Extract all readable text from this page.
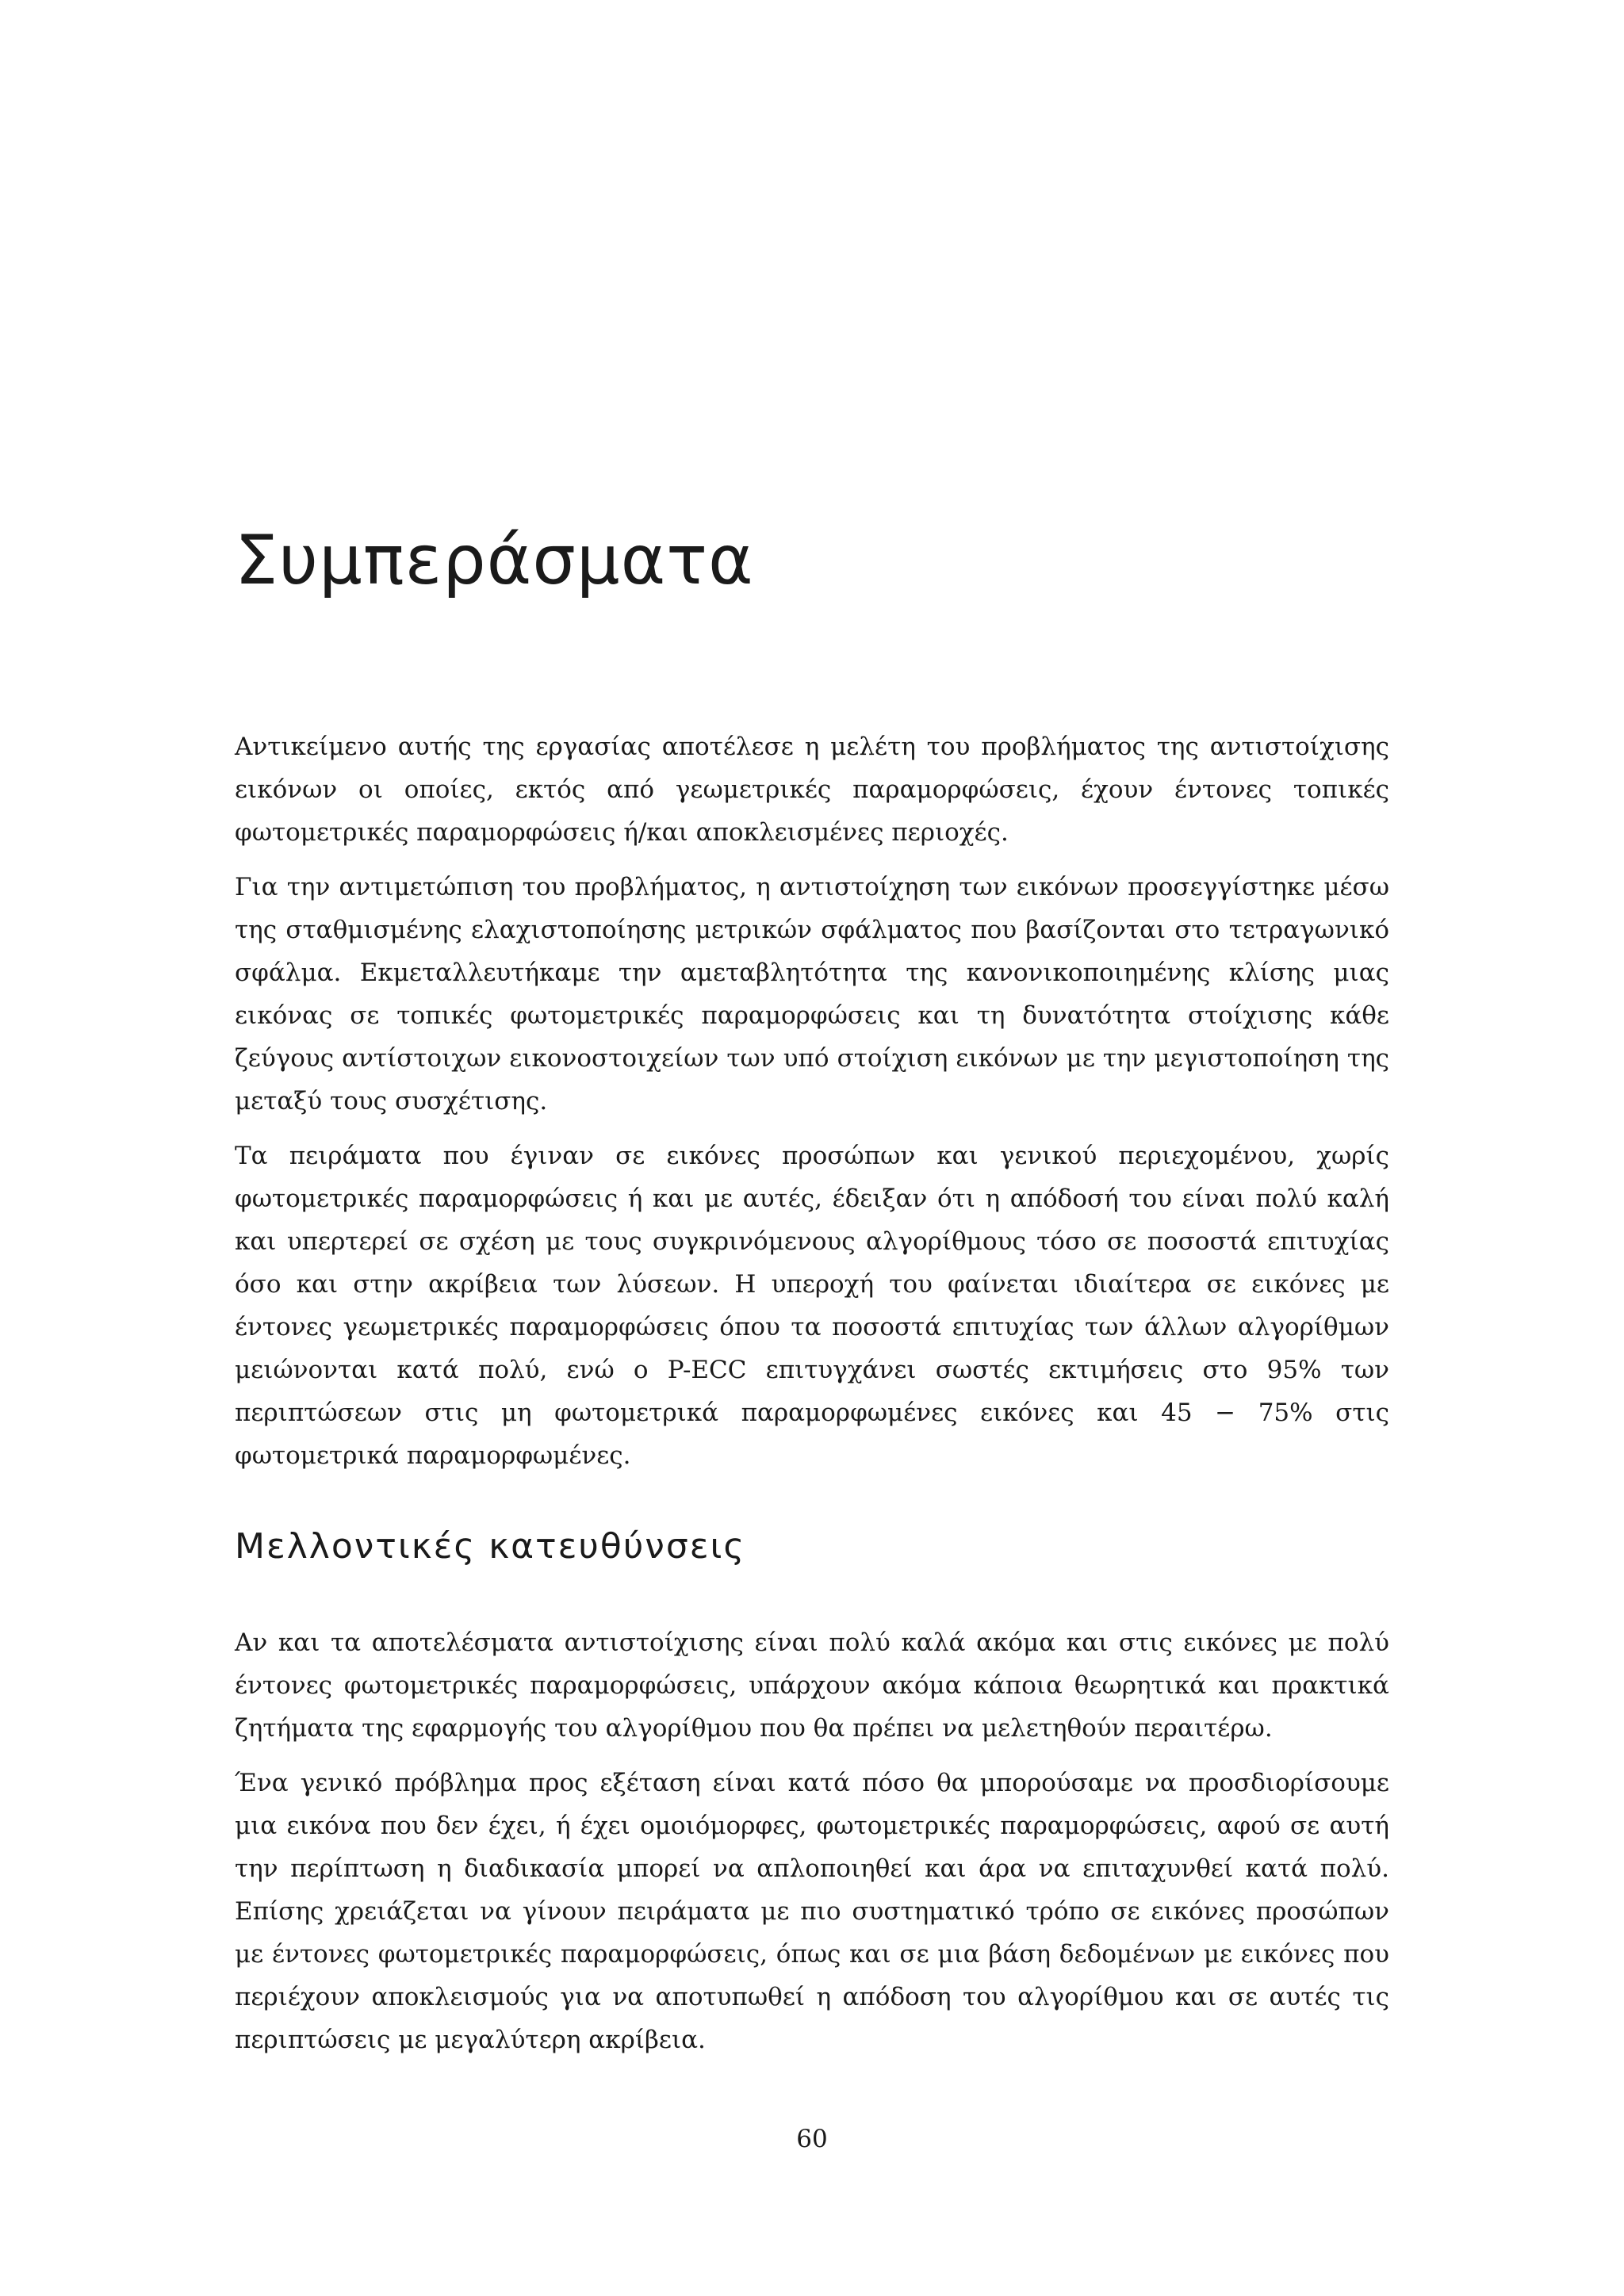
Συμπεράσματα

Αντικείμενο αυτής της εργασίας αποτέλεσε η μελέτη του προβλήματος της αντιστοίχισης εικόνων οι οποίες, εκτός από γεωμετρικές παραμορφώσεις, έχουν έντονες τοπικές φωτομετρικές παραμορφώσεις ή/και αποκλεισμένες περιοχές.

Για την αντιμετώπιση του προβλήματος, η αντιστοίχηση των εικόνων προσεγγίστηκε μέσω της σταθμισμένης ελαχιστοποίησης μετρικών σφάλματος που βασίζονται στο τετραγωνικό σφάλμα. Εκμεταλλευτήκαμε την αμεταβλητότητα της κανονικοποιημένης κλίσης μιας εικόνας σε τοπικές φωτομετρικές παραμορφώσεις και τη δυνατότητα στοίχισης κάθε ζεύγους αντίστοιχων εικονοστοιχείων των υπό στοίχιση εικόνων με την μεγιστοποίηση της μεταξύ τους συσχέτισης.

Τα πειράματα που έγιναν σε εικόνες προσώπων και γενικού περιεχομένου, χωρίς φωτομετρικές παραμορφώσεις ή και με αυτές, έδειξαν ότι η απόδοσή του είναι πολύ καλή και υπερτερεί σε σχέση με τους συγκρινόμενους αλγορίθμους τόσο σε ποσοστά επιτυχίας όσο και στην ακρίβεια των λύσεων. Η υπεροχή του φαίνεται ιδιαίτερα σε εικόνες με έντονες γεωμετρικές παραμορφώσεις όπου τα ποσοστά επιτυχίας των άλλων αλγορίθμων μειώνονται κατά πολύ, ενώ ο P-ECC επιτυγχάνει σωστές εκτιμήσεις στο 95% των περιπτώσεων στις μη φωτομετρικά παραμορφωμένες εικόνες και 45 − 75% στις φωτομετρικά παραμορφωμένες.

Μελλοντικές κατευθύνσεις

Αν και τα αποτελέσματα αντιστοίχισης είναι πολύ καλά ακόμα και στις εικόνες με πολύ έντονες φωτομετρικές παραμορφώσεις, υπάρχουν ακόμα κάποια θεωρητικά και πρακτικά ζητήματα της εφαρμογής του αλγορίθμου που θα πρέπει να μελετηθούν περαιτέρω.

Ένα γενικό πρόβλημα προς εξέταση είναι κατά πόσο θα μπορούσαμε να προσδιορίσουμε μια εικόνα που δεν έχει, ή έχει ομοιόμορφες, φωτομετρικές παραμορφώσεις, αφού σε αυτή την περίπτωση η διαδικασία μπορεί να απλοποιηθεί και άρα να επιταχυνθεί κατά πολύ. Επίσης χρειάζεται να γίνουν πειράματα με πιο συστηματικό τρόπο σε εικόνες προσώπων με έντονες φωτομετρικές παραμορφώσεις, όπως και σε μια βάση δεδομένων με εικόνες που περιέχουν αποκλεισμούς για να αποτυπωθεί η απόδοση του αλγορίθμου και σε αυτές τις περιπτώσεις με μεγαλύτερη ακρίβεια.

60
